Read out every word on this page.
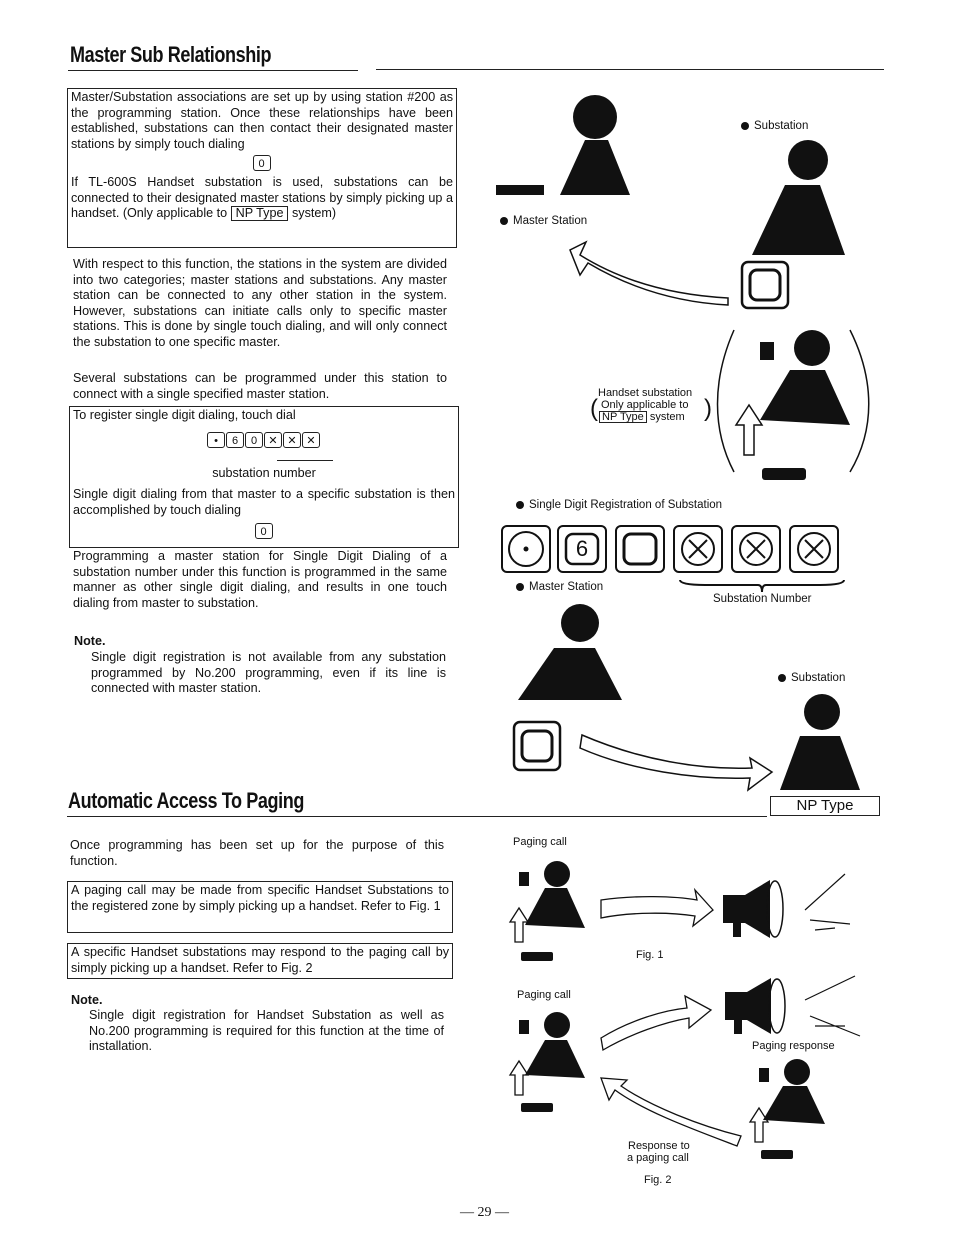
Master Sub Relationship
Master/Substation associations are set up by using station #200 as the programming station. Once these relationships have been established, substations can then contact their designated master stations by simply touch dialing
0
If TL-600S Handset substation is used, substations can be connected to their designated master stations by simply picking up a handset. (Only applicable to NP Type system)
With respect to this function, the stations in the system are divided into two categories; master stations and substations. Any master station can be connected to any other station in the system. However, substations can initiate calls only to specific master stations. This is done by single touch dialing, and will only connect the substation to one specific master.
Several substations can be programmed under this station to connect with a single specified master station.
To register single digit dialing, touch dial
• 6 0 ✕ ✕ ✕
substation number
Single digit dialing from that master to a specific substation is then accomplished by touch dialing
0
Programming a master station for Single Digit Dialing of a substation number under this function is programmed in the same manner as other single digit dialing, and results in one touch dialing from master to substation.
Note.
Single digit registration is not available from any substation programmed by No.200 programming, even if its line is connected with master station.
6
Substation
Master Station
Handset substation
( Only applicable to
NP Type system )
Single Digit Registration of Substation
Master Station
Substation Number
Substation
Automatic Access To Paging	NP Type
Once programming has been set up for the purpose of this function.
A paging call may be made from specific Handset Substations to the registered zone by simply picking up a handset. Refer to Fig. 1
A specific Handset substations may respond to the paging call by simply picking up a handset. Refer to Fig. 2
Note.
Single digit registration for Handset Substation as well as No.200 programming is required for this function at the time of installation.
Paging call
Fig. 1
Paging call
Paging response
Response to
a paging call
Fig. 2
— 29 —
